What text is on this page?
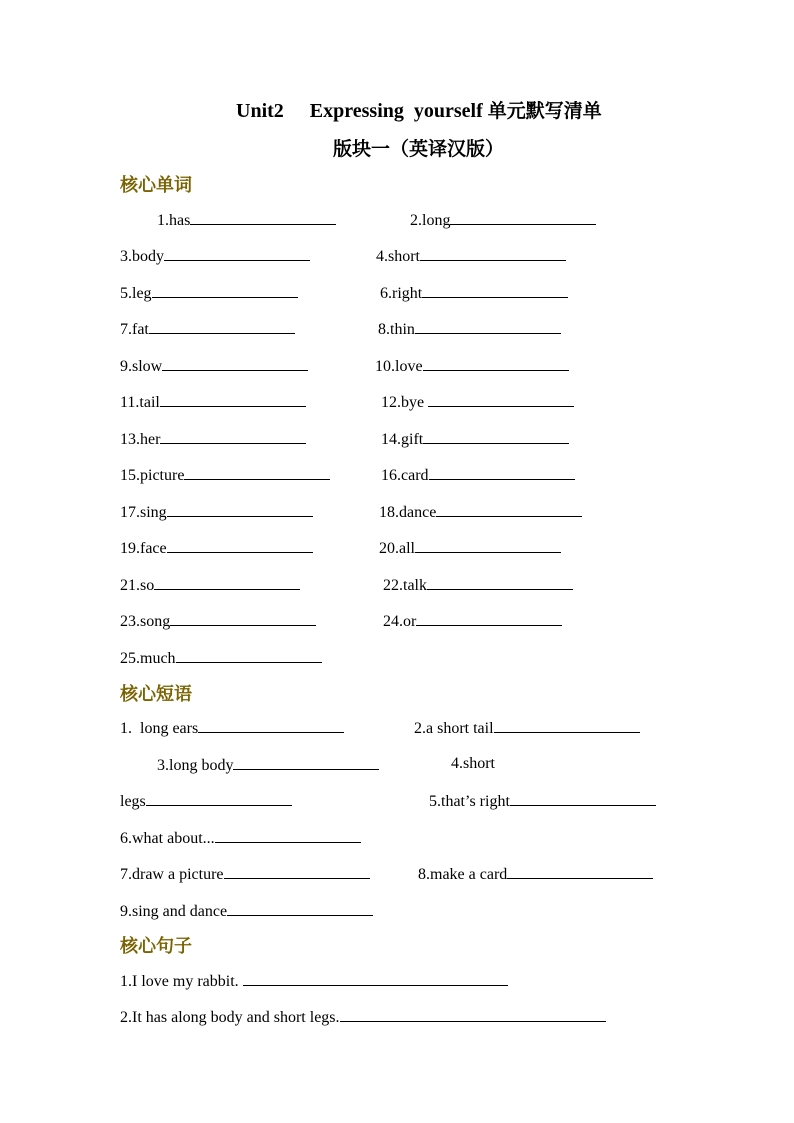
Unit2 Expressing  yourself 单元默写清单
版块一（英译汉版）
核心单词
1.has	2.long
3.body	4.short
5.leg	6.right
7.fat	8.thin
9.slow	10.love
11.tail	12.bye
13.her	14.gift
15.picture	16.card
17.sing	18.dance
19.face	20.all
21.so	22.talk
23.song	24.or
25.much
核心短语
1.  long ears	2.a short tail
3.long body	4.short
legs	5.that’s right
6.what about...
7.draw a picture	8.make a card
9.sing and dance
核心句子
1.I love my rabbit.
2.It has along body and short legs.
